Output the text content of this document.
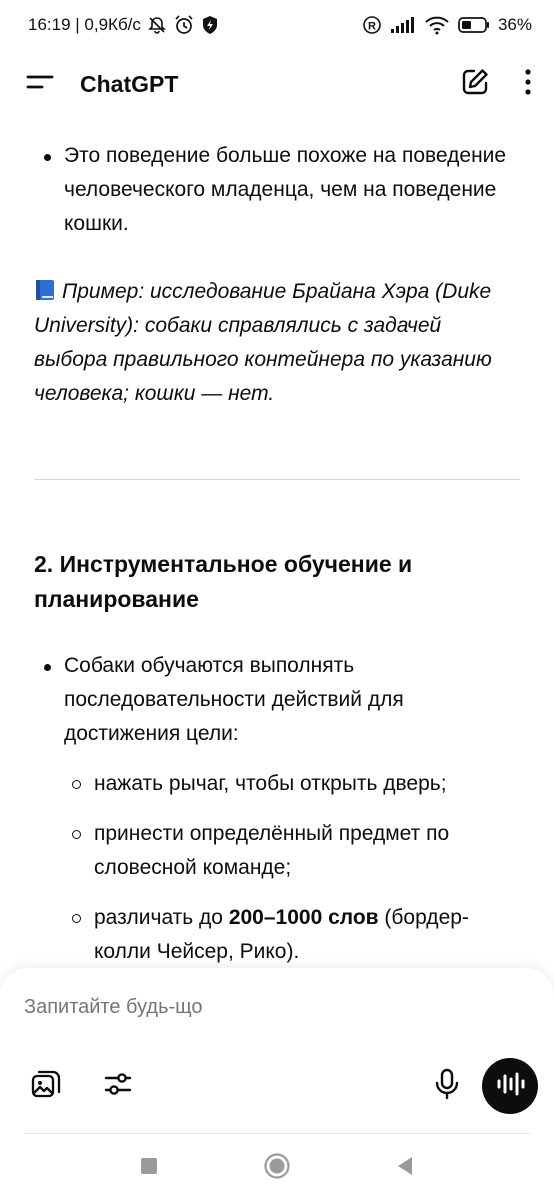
16:19 | 0,9Кб/с	R	36%
ChatGPT
Это поведение больше похоже на поведение человеческого младенца, чем на поведение кошки.
Пример: исследование Брайана Хэра (Duke University): собаки справлялись с задачей выбора правильного контейнера по указанию человека; кошки — нет.
2. Инструментальное обучение и планирование
Собаки обучаются выполнять последовательности действий для достижения цели:
нажать рычаг, чтобы открыть дверь;
принести определённый предмет по словесной команде;
различать до 200–1000 слов (бордер-колли Чейсер, Рико).
Запитайте будь-що
